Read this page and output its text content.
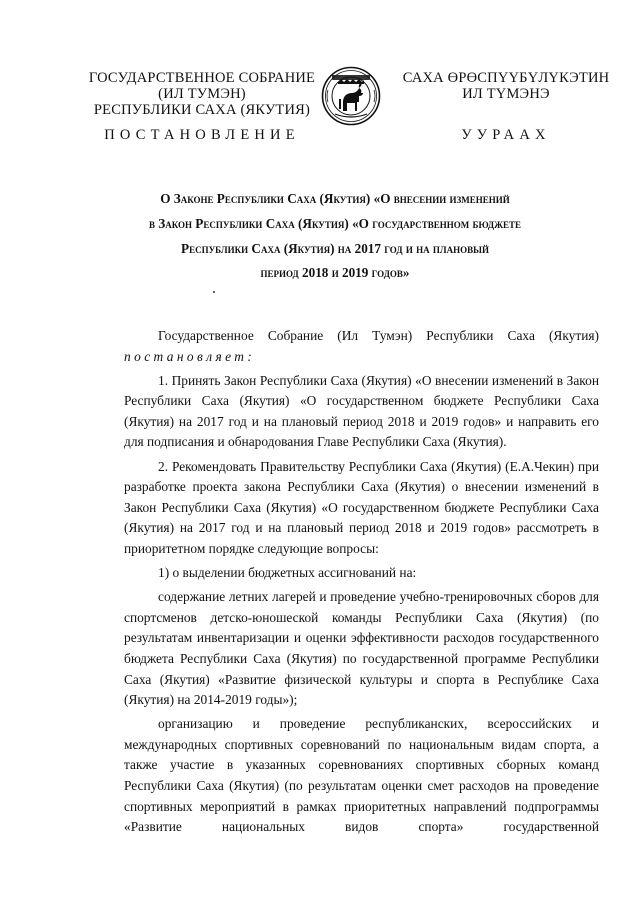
ГОСУДАРСТВЕННОЕ СОБРАНИЕ
(ИЛ ТУМЭН)
РЕСПУБЛИКИ САХА (ЯКУТИЯ)
САХА ӨРӨСПҮҮБҮЛҮКЭТИН
ИЛ ТҮМЭНЭ
ПОСТАНОВЛЕНИЕ	УУРААХ
О Законе Республики Саха (Якутия) «О внесении изменений
в Закон Республики Саха (Якутия) «О государственном бюджете
Республики Саха (Якутия) на 2017 год и на плановый
период 2018 и 2019 годов»

Государственное Собрание (Ил Тумэн) Республики Саха (Якутия)

постановляет:

1. Принять Закон Республики Саха (Якутия) «О внесении изменений в Закон Республики Саха (Якутия) «О государственном бюджете Республики Саха (Якутия) на 2017 год и на плановый период 2018 и 2019 годов» и направить его для подписания и обнародования Главе Республики Саха (Якутия).

2. Рекомендовать Правительству Республики Саха (Якутия) (Е.А.Чекин) при разработке проекта закона Республики Саха (Якутия) о внесении изменений в Закон Республики Саха (Якутия) «О государственном бюджете Республики Саха (Якутия) на 2017 год и на плановый период 2018 и 2019 годов» рассмотреть в приоритетном порядке следующие вопросы:

1) о выделении бюджетных ассигнований на:

содержание летних лагерей и проведение учебно-тренировочных сборов для спортсменов детско-юношеской команды Республики Саха (Якутия) (по результатам инвентаризации и оценки эффективности расходов государственного бюджета Республики Саха (Якутия) по государственной программе Республики Саха (Якутия) «Развитие физической культуры и спорта в Республике Саха (Якутия) на 2014-2019 годы»);

организацию и проведение республиканских, всероссийских и международных спортивных соревнований по национальным видам спорта, а также участие в указанных соревнованиях спортивных сборных команд Республики Саха (Якутия) (по результатам оценки смет расходов на проведение спортивных мероприятий в рамках приоритетных направлений подпрограммы «Развитие национальных видов спорта» государственной
